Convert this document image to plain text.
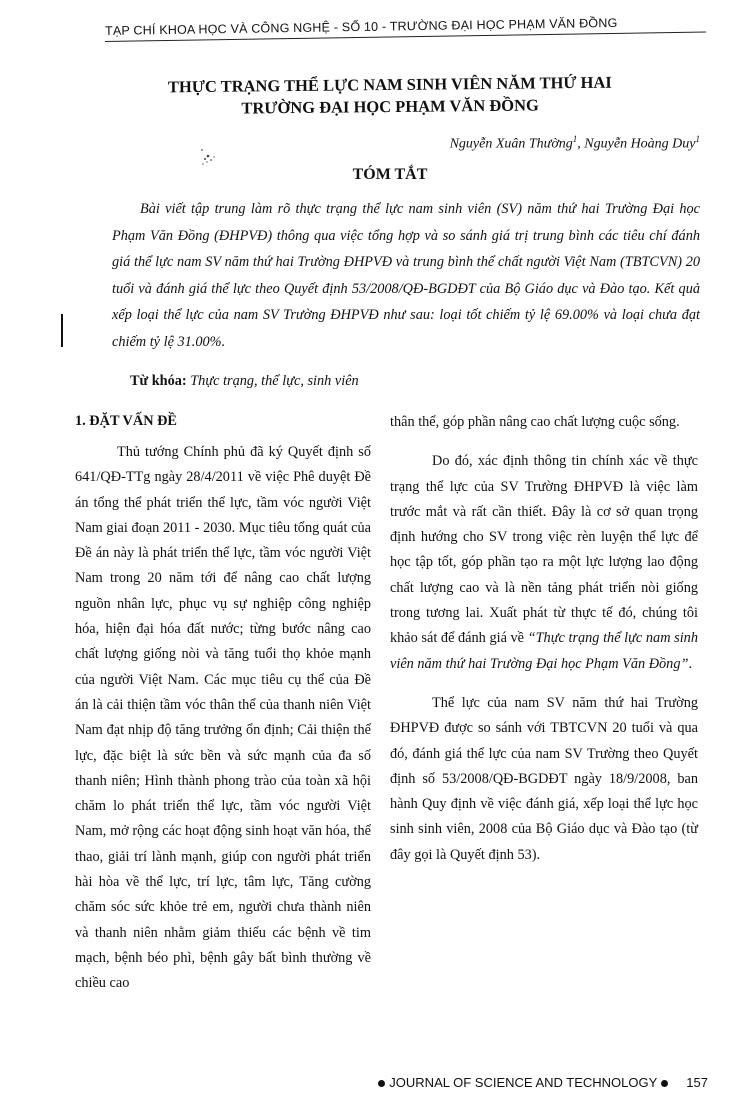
TẠP CHÍ KHOA HỌC VÀ CÔNG NGHỆ - SỐ 10 - TRƯỜNG ĐẠI HỌC PHẠM VĂN ĐỒNG
THỰC TRẠNG THỂ LỰC NAM SINH VIÊN NĂM THỨ HAI
TRƯỜNG ĐẠI HỌC PHẠM VĂN ĐỒNG
Nguyễn Xuân Thường$^1$, Nguyễn Hoàng Duy$^1$
TÓM TẮT

Bài viết tập trung làm rõ thực trạng thể lực nam sinh viên (SV) năm thứ hai Trường Đại học Phạm Văn Đồng (ĐHPVĐ) thông qua việc tổng hợp và so sánh giá trị trung bình các tiêu chí đánh giá thể lực nam SV năm thứ hai Trường ĐHPVĐ và trung bình thể chất người Việt Nam (TBTCVN) 20 tuổi và đánh giá thể lực theo Quyết định 53/2008/QĐ-BGDĐT của Bộ Giáo dục và Đào tạo. Kết quả xếp loại thể lực của nam SV Trường ĐHPVĐ như sau: loại tốt chiếm tỷ lệ 69.00% và loại chưa đạt chiếm tỷ lệ 31.00%.

Từ khóa: Thực trạng, thể lực, sinh viên
1. ĐẶT VẤN ĐỀ

Thủ tướng Chính phủ đã ký Quyết định số 641/QĐ-TTg ngày 28/4/2011 về việc Phê duyệt Đề án tổng thể phát triển thể lực, tầm vóc người Việt Nam giai đoạn 2011 - 2030. Mục tiêu tổng quát của Đề án này là phát triển thể lực, tầm vóc người Việt Nam trong 20 năm tới để nâng cao chất lượng nguồn nhân lực, phục vụ sự nghiệp công nghiệp hóa, hiện đại hóa đất nước; từng bước nâng cao chất lượng giống nòi và tăng tuổi thọ khỏe mạnh của người Việt Nam. Các mục tiêu cụ thể của Đề án là cải thiện tầm vóc thân thể của thanh niên Việt Nam đạt nhịp độ tăng trưởng ổn định; Cải thiện thể lực, đặc biệt là sức bền và sức mạnh của đa số thanh niên; Hình thành phong trào của toàn xã hội chăm lo phát triển thể lực, tầm vóc người Việt Nam, mở rộng các hoạt động sinh hoạt văn hóa, thể thao, giải trí lành mạnh, giúp con người phát triển hài hòa về thể lực, trí lực, tâm lực, Tăng cường chăm sóc sức khỏe trẻ em, người chưa thành niên và thanh niên nhằm giảm thiểu các bệnh về tim mạch, bệnh béo phì, bệnh gây bất bình thường về chiều cao

thân thể, góp phần nâng cao chất lượng cuộc sống.

Do đó, xác định thông tin chính xác về thực trạng thể lực của SV Trường ĐHPVĐ là việc làm trước mắt và rất cần thiết. Đây là cơ sở quan trọng định hướng cho SV trong việc rèn luyện thể lực để học tập tốt, góp phần tạo ra một lực lượng lao động chất lượng cao và là nền tảng phát triển nòi giống trong tương lai. Xuất phát từ thực tế đó, chúng tôi khảo sát để đánh giá về “Thực trạng thể lực nam sinh viên năm thứ hai Trường Đại học Phạm Văn Đồng”.

Thể lực của nam SV năm thứ hai Trường ĐHPVĐ được so sánh với TBTCVN 20 tuổi và qua đó, đánh giá thể lực của nam SV Trường theo Quyết định số 53/2008/QĐ-BGDĐT ngày 18/9/2008, ban hành Quy định về việc đánh giá, xếp loại thể lực học sinh sinh viên, 2008 của Bộ Giáo dục và Đào tạo (từ đây gọi là Quyết định 53).

JOURNAL OF SCIENCE AND TECHNOLOGY 157
